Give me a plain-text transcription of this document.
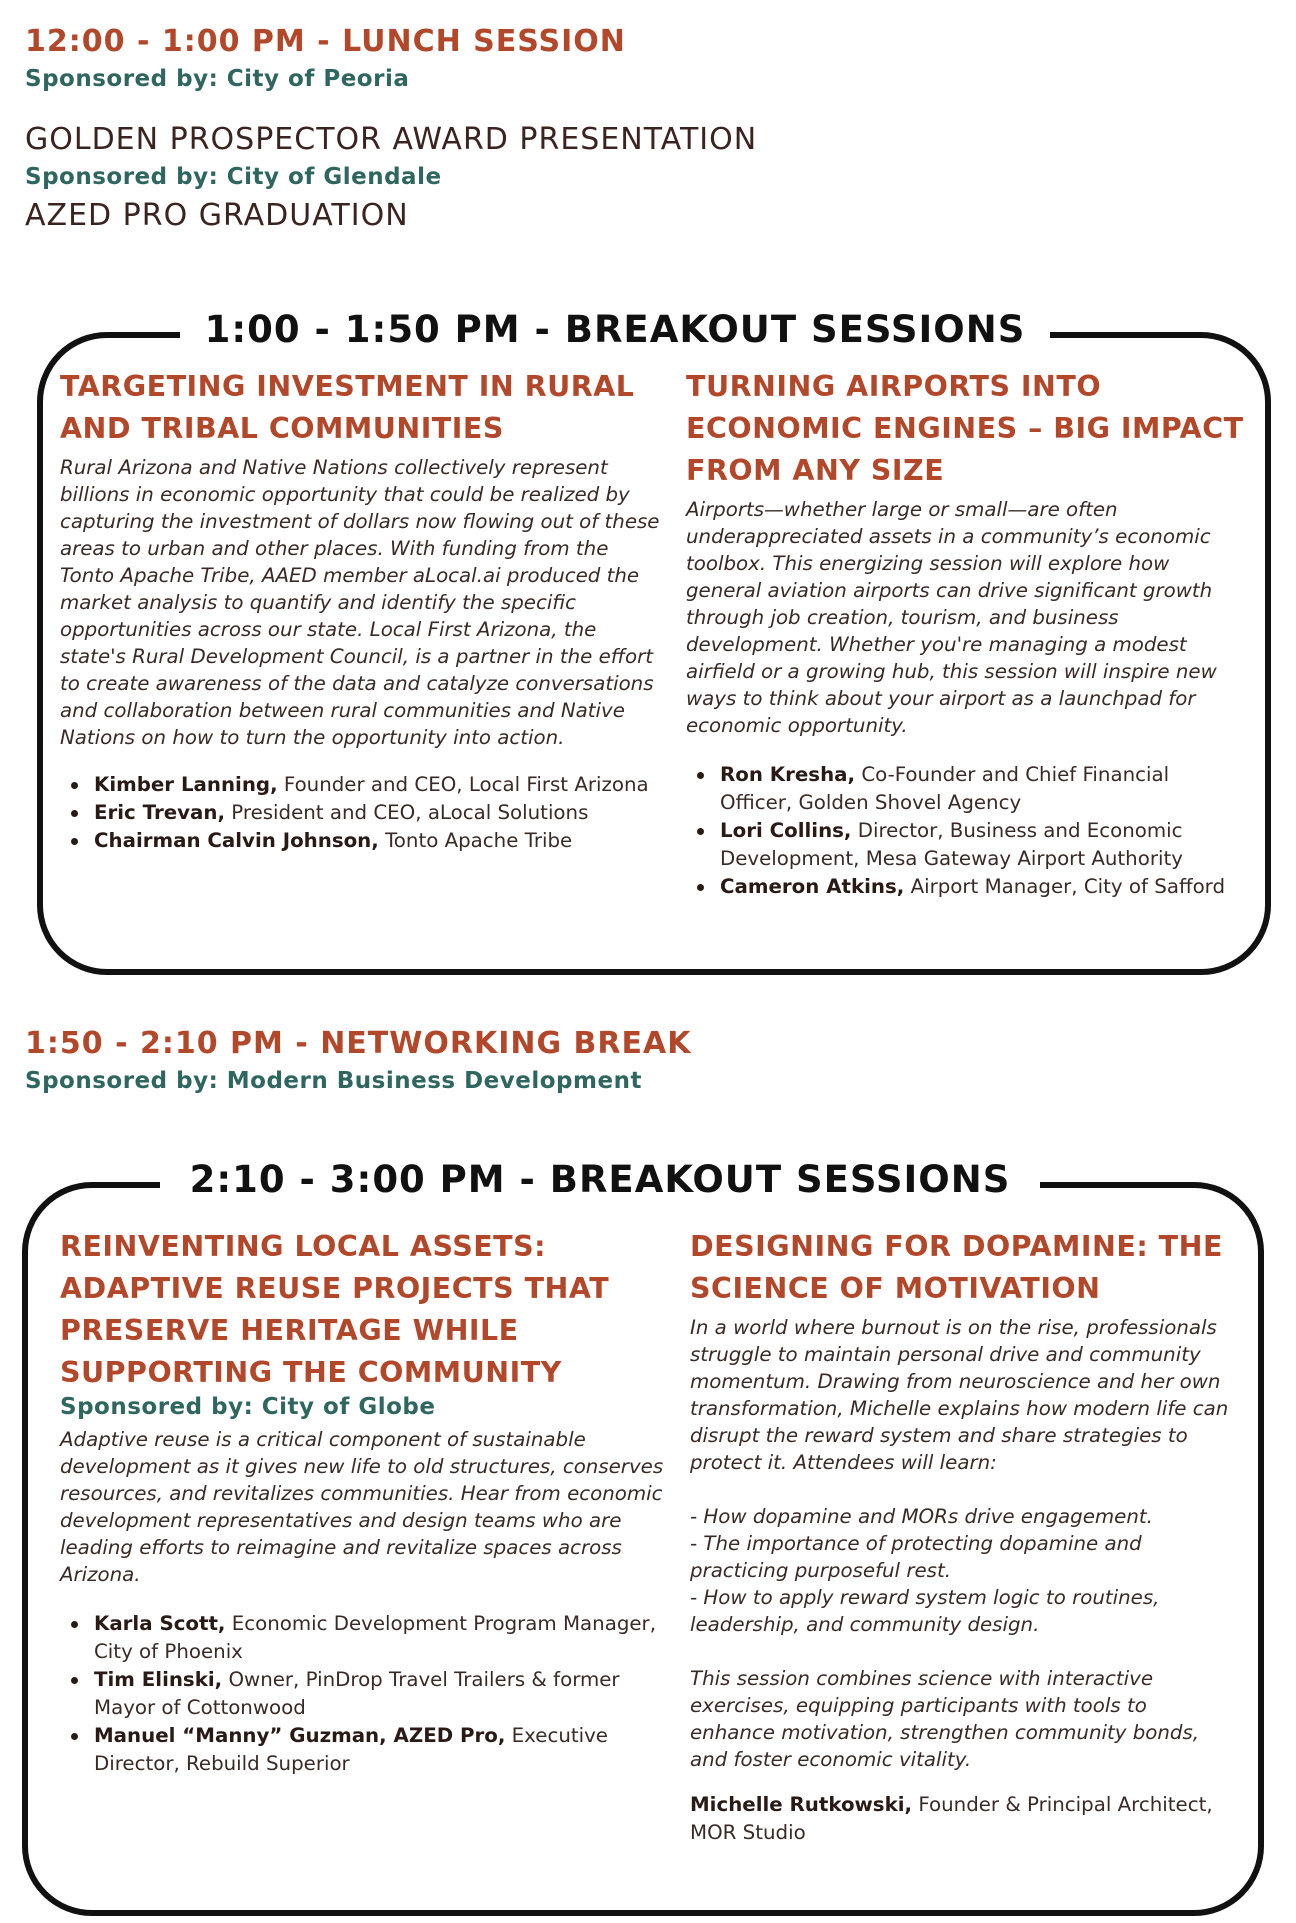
12:00 - 1:00 PM - LUNCH SESSION
Sponsored by: City of Peoria
GOLDEN PROSPECTOR AWARD PRESENTATION
Sponsored by: City of Glendale
AZED PRO GRADUATION
1:00 - 1:50 PM - BREAKOUT SESSIONS
TARGETING INVESTMENT IN RURAL AND TRIBAL COMMUNITIES

Rural Arizona and Native Nations collectively represent billions in economic opportunity that could be realized by capturing the investment of dollars now flowing out of these areas to urban and other places. With funding from the Tonto Apache Tribe, AAED member aLocal.ai produced the market analysis to quantify and identify the specific opportunities across our state. Local First Arizona, the state's Rural Development Council, is a partner in the effort to create awareness of the data and catalyze conversations and collaboration between rural communities and Native Nations on how to turn the opportunity into action.

Kimber Lanning, Founder and CEO, Local First Arizona
Eric Trevan, President and CEO, aLocal Solutions
Chairman Calvin Johnson, Tonto Apache Tribe
TURNING AIRPORTS INTO ECONOMIC ENGINES – BIG IMPACT FROM ANY SIZE

Airports—whether large or small—are often underappreciated assets in a community’s economic toolbox. This energizing session will explore how general aviation airports can drive significant growth through job creation, tourism, and business development. Whether you're managing a modest airfield or a growing hub, this session will inspire new ways to think about your airport as a launchpad for economic opportunity.

Ron Kresha, Co-Founder and Chief Financial Officer, Golden Shovel Agency
Lori Collins, Director, Business and Economic Development, Mesa Gateway Airport Authority
Cameron Atkins, Airport Manager, City of Safford
1:50 - 2:10 PM - NETWORKING BREAK
Sponsored by: Modern Business Development
2:10 - 3:00 PM - BREAKOUT SESSIONS
REINVENTING LOCAL ASSETS: ADAPTIVE REUSE PROJECTS THAT PRESERVE HERITAGE WHILE SUPPORTING THE COMMUNITY

Sponsored by: City of Globe

Adaptive reuse is a critical component of sustainable development as it gives new life to old structures, conserves resources, and revitalizes communities. Hear from economic development representatives and design teams who are leading efforts to reimagine and revitalize spaces across Arizona.

Karla Scott, Economic Development Program Manager, City of Phoenix
Tim Elinski, Owner, PinDrop Travel Trailers & former Mayor of Cottonwood
Manuel “Manny” Guzman, AZED Pro, Executive Director, Rebuild Superior
DESIGNING FOR DOPAMINE: THE SCIENCE OF MOTIVATION

In a world where burnout is on the rise, professionals struggle to maintain personal drive and community momentum. Drawing from neuroscience and her own transformation, Michelle explains how modern life can disrupt the reward system and share strategies to protect it. Attendees will learn:

- How dopamine and MORs drive engagement.

- The importance of protecting dopamine and practicing purposeful rest.

- How to apply reward system logic to routines, leadership, and community design.

This session combines science with interactive exercises, equipping participants with tools to enhance motivation, strengthen community bonds, and foster economic vitality.

Michelle Rutkowski, Founder & Principal Architect, MOR Studio
